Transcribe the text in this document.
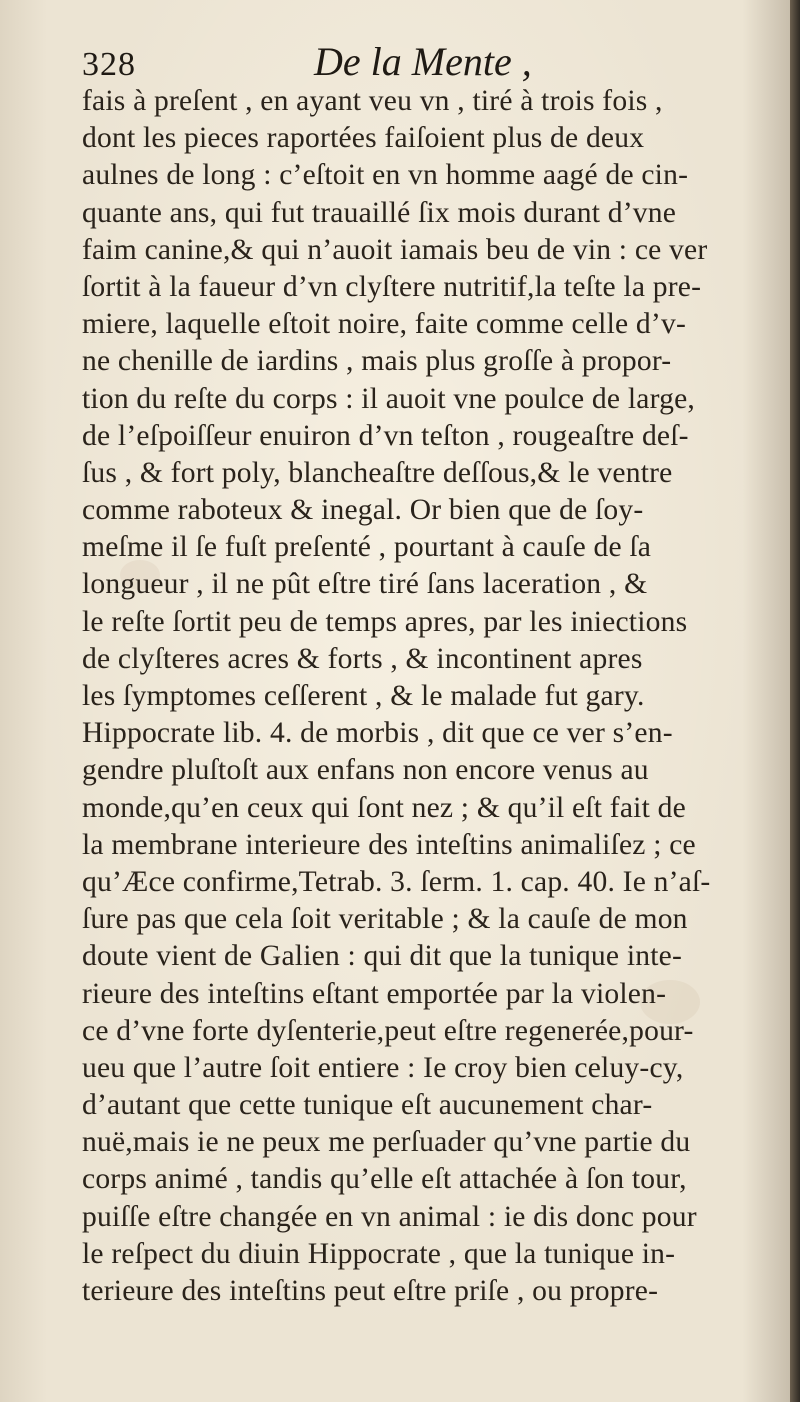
328	De la Mente ,
fais à preſent , en ayant veu vn , tiré à trois fois ,
dont les pieces raportées faiſoient plus de deux
aulnes de long : c’eſtoit en vn homme aagé de cin-
quante ans, qui fut trauaillé ſix mois durant d’vne
faim canine,& qui n’auoit iamais beu de vin : ce ver
ſortit à la faueur d’vn clyſtere nutritif,la teſte la pre-
miere, laquelle eſtoit noire, faite comme celle d’v-
ne chenille de iardins , mais plus groſſe à propor-
tion du reſte du corps : il auoit vne poulce de large,
de l’eſpoiſſeur enuiron d’vn teſton , rougeaſtre deſ-
ſus , & fort poly, blancheaſtre deſſous,& le ventre
comme raboteux & inegal. Or bien que de ſoy-
meſme il ſe fuſt preſenté , pourtant à cauſe de ſa
longueur , il ne pût eſtre tiré ſans laceration , &
le reſte ſortit peu de temps apres, par les iniections
de clyſteres acres & forts , & incontinent apres
les ſymptomes ceſſerent , & le malade fut gary.
Hippocrate lib. 4. de morbis , dit que ce ver s’en-
gendre pluſtoſt aux enfans non encore venus au
monde,qu’en ceux qui ſont nez ; & qu’il eſt fait de
la membrane interieure des inteſtins animaliſez ; ce
qu’Æce confirme,Tetrab. 3. ſerm. 1. cap. 40. Ie n’aſ-
ſure pas que cela ſoit veritable ; & la cauſe de mon
doute vient de Galien : qui dit que la tunique inte-
rieure des inteſtins eſtant emportée par la violen-
ce d’vne forte dyſenterie,peut eſtre regenerée,pour-
ueu que l’autre ſoit entiere : Ie croy bien celuy-cy,
d’autant que cette tunique eſt aucunement char-
nuë,mais ie ne peux me perſuader qu’vne partie du
corps animé , tandis qu’elle eſt attachée à ſon tour,
puiſſe eſtre changée en vn animal : ie dis donc pour
le reſpect du diuin Hippocrate , que la tunique in-
terieure des inteſtins peut eſtre priſe , ou propre-
